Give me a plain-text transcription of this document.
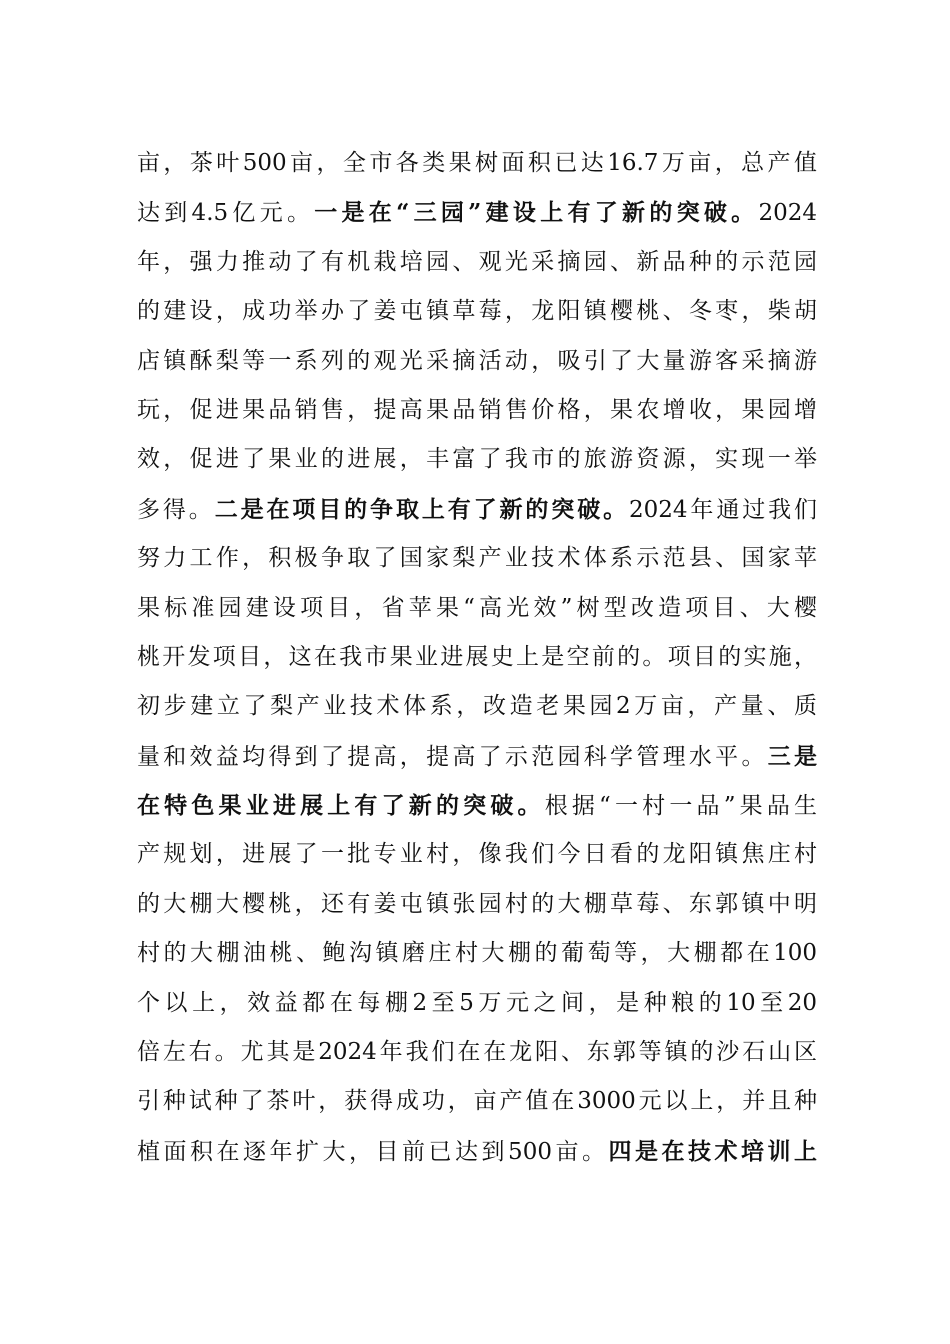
亩，茶叶500亩，全市各类果树面积已达16.7万亩，总产值
达到4.5亿元。一是在“三园”建设上有了新的突破。2024
年，强力推动了有机栽培园、观光采摘园、新品种的示范园
的建设，成功举办了姜屯镇草莓，龙阳镇樱桃、冬枣，柴胡
店镇酥梨等一系列的观光采摘活动，吸引了大量游客采摘游
玩，促进果品销售，提高果品销售价格，果农增收，果园增
效，促进了果业的进展，丰富了我市的旅游资源，实现一举
多得。二是在项目的争取上有了新的突破。2024年通过我们
努力工作，积极争取了国家梨产业技术体系示范县、国家苹
果标准园建设项目，省苹果“高光效”树型改造项目、大樱
桃开发项目，这在我市果业进展史上是空前的。项目的实施，
初步建立了梨产业技术体系，改造老果园2万亩，产量、质
量和效益均得到了提高，提高了示范园科学管理水平。三是
在特色果业进展上有了新的突破。根据“一村一品”果品生
产规划，进展了一批专业村，像我们今日看的龙阳镇焦庄村
的大棚大樱桃，还有姜屯镇张园村的大棚草莓、东郭镇中明
村的大棚油桃、鲍沟镇磨庄村大棚的葡萄等，大棚都在100
个以上，效益都在每棚2至5万元之间，是种粮的10至20
倍左右。尤其是2024年我们在在龙阳、东郭等镇的沙石山区
引种试种了茶叶，获得成功，亩产值在3000元以上，并且种
植面积在逐年扩大，目前已达到500亩。四是在技术培训上
